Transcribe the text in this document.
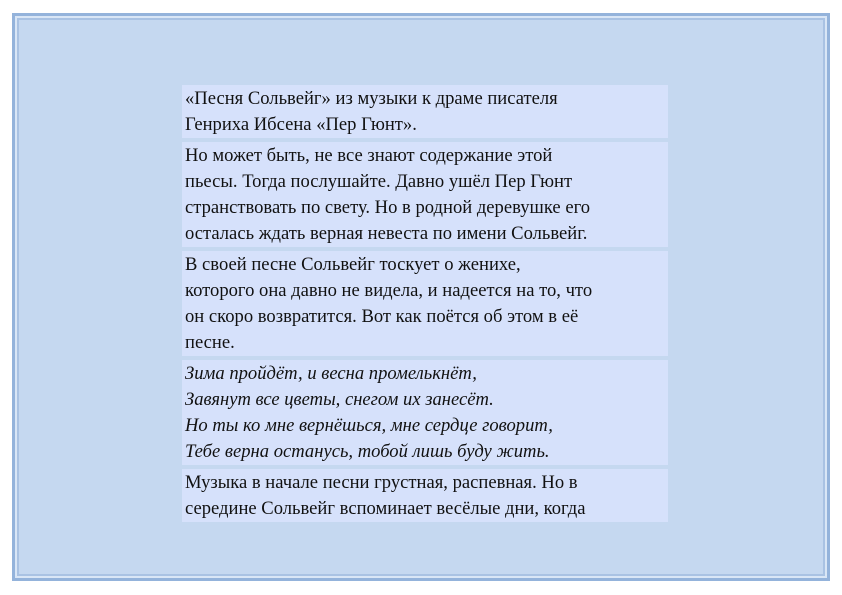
«Песня Сольвейг» из музыки к драме писателя
Генриха Ибсена «Пер Гюнт».

Но может быть, не все знают содержание этой
пьесы. Тогда послушайте. Давно ушёл Пер Гюнт
странствовать по свету. Но в родной деревушке его
осталась ждать верная невеста по имени Сольвейг.

В своей песне Сольвейг тоскует о женихе,
которого она давно не видела, и надеется на то, что
он скоро возвратится. Вот как поётся об этом в её
песне.

Зима пройдёт, и весна промелькнёт,
Завянут все цветы, снегом их занесёт.
Но ты ко мне вернёшься, мне сердце говорит,
Тебе верна останусь, тобой лишь буду жить.

Музыка в начале песни грустная, распевная. Но в
середине Сольвейг вспоминает весёлые дни, когда
